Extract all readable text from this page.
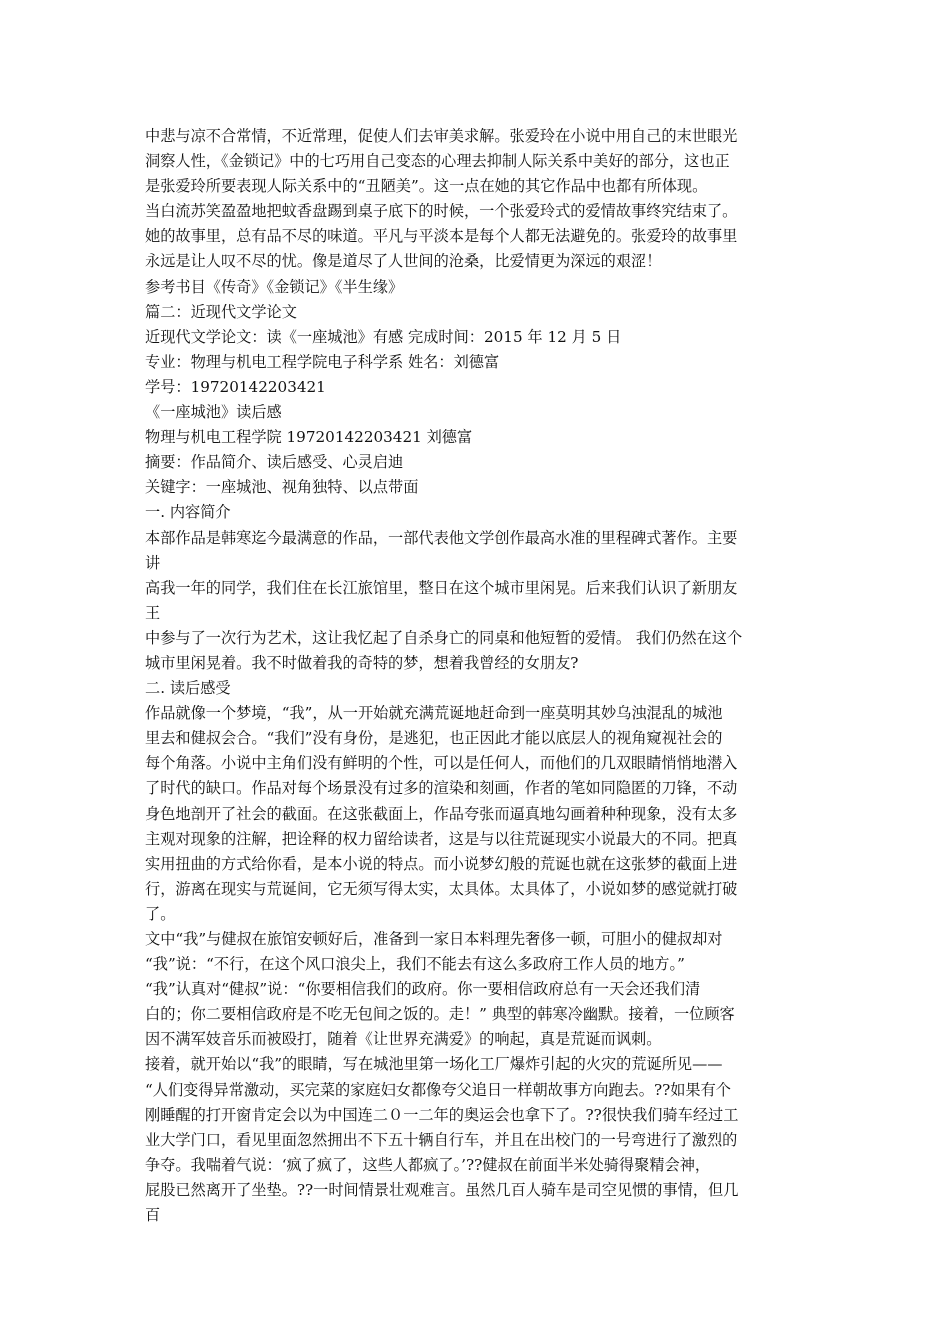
中悲与凉不合常情，不近常理，促使人们去审美求解。张爱玲在小说中用自己的末世眼光
洞察人性，《金锁记》中的七巧用自己变态的心理去抑制人际关系中美好的部分，这也正
是张爱玲所要表现人际关系中的“丑陋美”。这一点在她的其它作品中也都有所体现。
当白流苏笑盈盈地把蚊香盘踢到桌子底下的时候，一个张爱玲式的爱情故事终究结束了。
她的故事里，总有品不尽的味道。平凡与平淡本是每个人都无法避免的。张爱玲的故事里
永远是让人叹不尽的忧。像是道尽了人世间的沧桑，比爱情更为深远的艰涩！
参考书目《传奇》《金锁记》《半生缘》
篇二：近现代文学论文
近现代文学论文：读《一座城池》有感 完成时间：2015 年 12 月 5 日
专业：物理与机电工程学院电子科学系 姓名：刘德富
学号：19720142203421
《一座城池》读后感
物理与机电工程学院 19720142203421 刘德富
摘要：作品简介、读后感受、心灵启迪
关键字：一座城池、视角独特、以点带面
一. 内容简介
本部作品是韩寒迄今最满意的作品，一部代表他文学创作最高水准的里程碑式著作。主要
讲
高我一年的同学，我们住在长江旅馆里，整日在这个城市里闲晃。后来我们认识了新朋友
王
中参与了一次行为艺术，这让我忆起了自杀身亡的同桌和他短暂的爱情。 我们仍然在这个
城市里闲晃着。我不时做着我的奇特的梦，想着我曾经的女朋友?
二. 读后感受
作品就像一个梦境，“我”，从一开始就充满荒诞地赶命到一座莫明其妙乌浊混乱的城池
里去和健叔会合。“我们”没有身份，是逃犯，也正因此才能以底层人的视角窥视社会的
每个角落。小说中主角们没有鲜明的个性，可以是任何人，而他们的几双眼睛悄悄地潜入
了时代的缺口。作品对每个场景没有过多的渲染和刻画，作者的笔如同隐匿的刀锋，不动
身色地剖开了社会的截面。在这张截面上，作品夸张而逼真地勾画着种种现象，没有太多
主观对现象的注解，把诠释的权力留给读者，这是与以往荒诞现实小说最大的不同。把真
实用扭曲的方式给你看，是本小说的特点。而小说梦幻般的荒诞也就在这张梦的截面上进
行，游离在现实与荒诞间，它无须写得太实，太具体。太具体了，小说如梦的感觉就打破
了。
文中“我”与健叔在旅馆安顿好后，准备到一家日本料理先奢侈一顿，可胆小的健叔却对
“我”说：“不行，在这个风口浪尖上，我们不能去有这么多政府工作人员的地方。”
“我”认真对“健叔”说：“你要相信我们的政府。你一要相信政府总有一天会还我们清
白的；你二要相信政府是不吃无包间之饭的。走！” 典型的韩寒冷幽默。接着，一位顾客
因不满军妓音乐而被殴打，随着《让世界充满爱》的响起，真是荒诞而讽刺。
接着，就开始以“我”的眼睛，写在城池里第一场化工厂爆炸引起的火灾的荒诞所见——
“人们变得异常激动，买完菜的家庭妇女都像夸父追日一样朝故事方向跑去。??如果有个
刚睡醒的打开窗肯定会以为中国连二０一二年的奥运会也拿下了。??很快我们骑车经过工
业大学门口，看见里面忽然拥出不下五十辆自行车，并且在出校门的一号弯进行了激烈的
争夺。我喘着气说：‘疯了疯了，这些人都疯了。’??健叔在前面半米处骑得聚精会神，
屁股已然离开了坐垫。??一时间情景壮观难言。虽然几百人骑车是司空见惯的事情，但几
百
